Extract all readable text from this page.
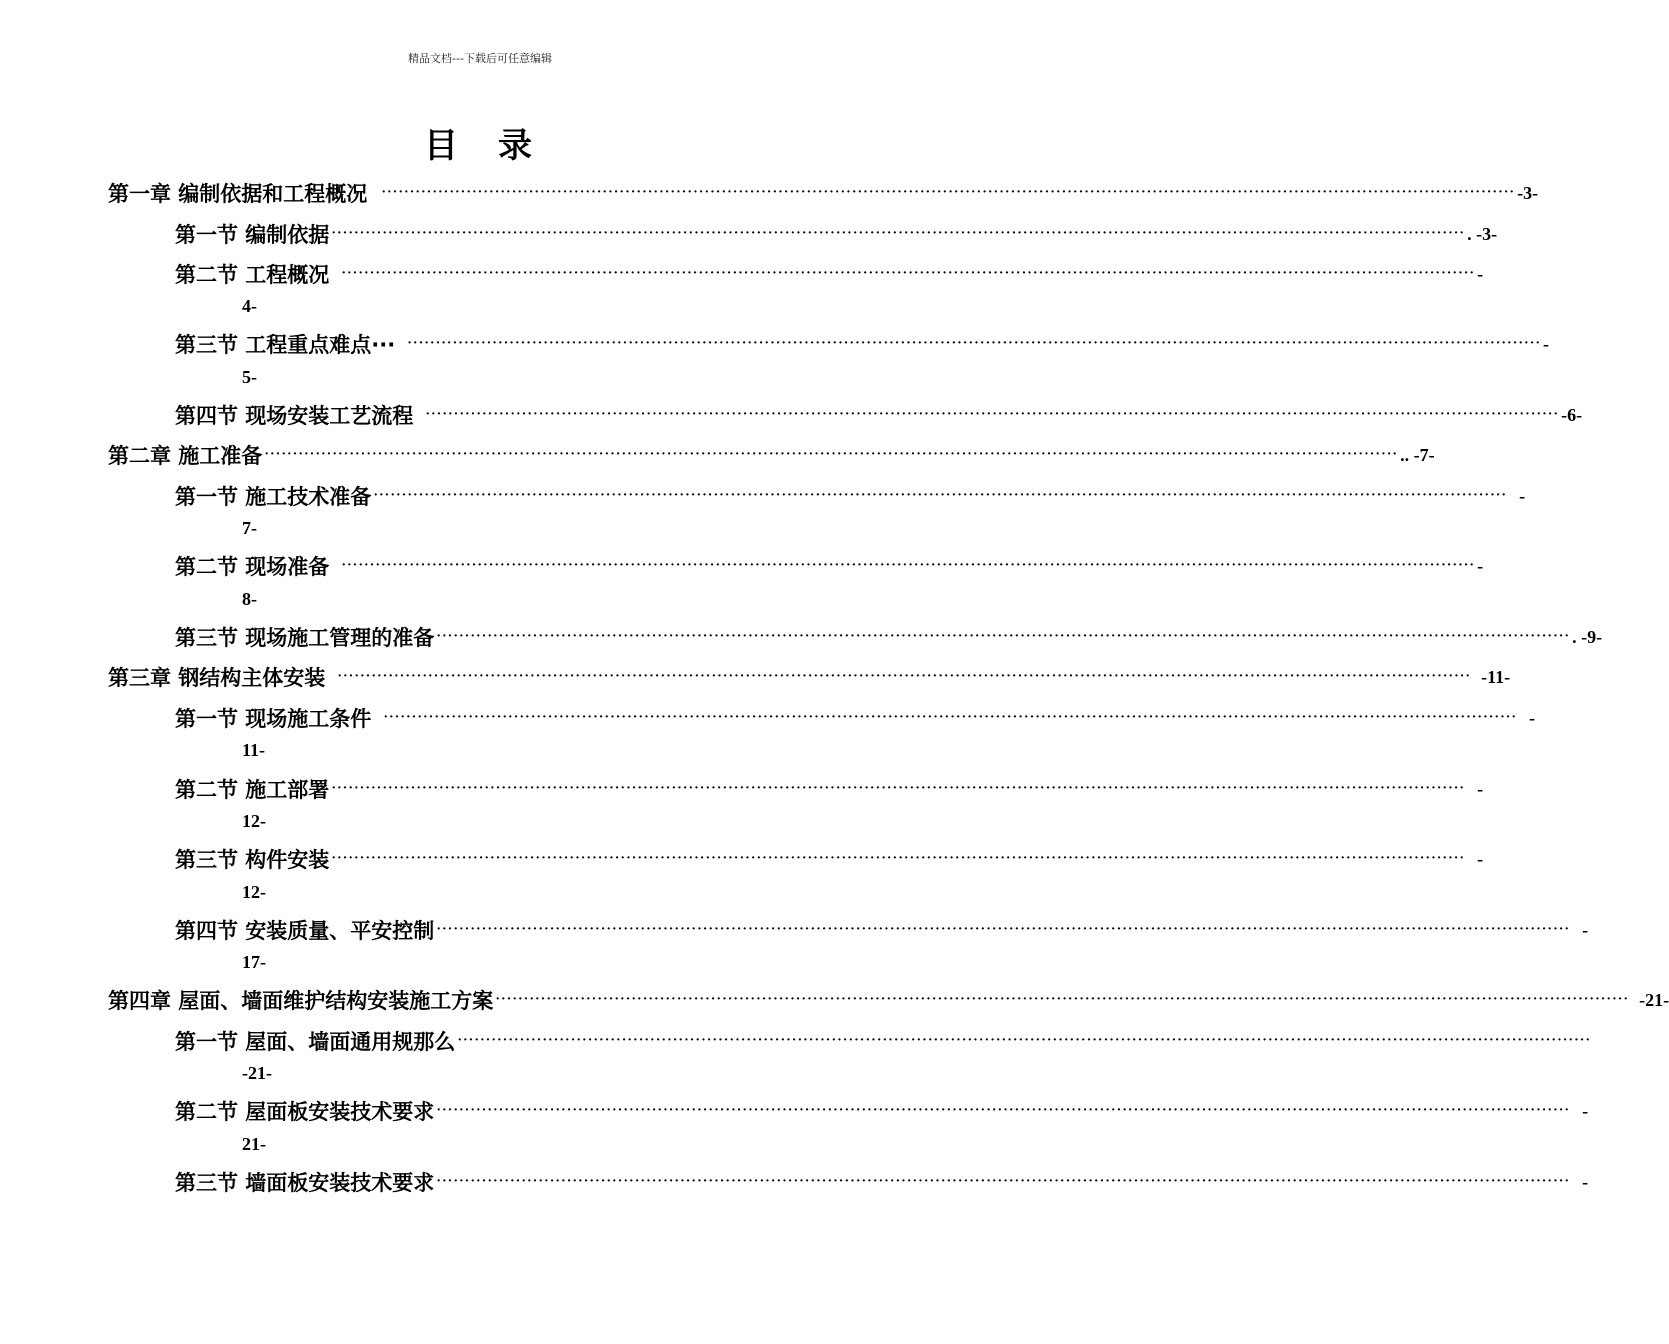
精品文档---下载后可任意编辑
目 录
第一章 编制依据和工程概况 ········································································································································································································ -3-
第一节 编制依据 ········································································································································································································ . -3-
第二节 工程概况 ········································································································································································································ -
4-
第三节 工程重点难点··· ········································································································································································································ -
5-
第四节 现场安装工艺流程 ········································································································································································································ -6-
第二章 施工准备 ········································································································································································································ .. -7-
第一节 施工技术准备 ········································································································································································································ -
7-
第二节 现场准备 ········································································································································································································ -
8-
第三节 现场施工管理的准备 ········································································································································································································ . -9-
第三章 钢结构主体安装 ········································································································································································································ -11-
第一节 现场施工条件 ········································································································································································································ -
11-
第二节 施工部署 ········································································································································································································ -
12-
第三节 构件安装 ········································································································································································································ -
12-
第四节 安装质量、平安控制 ········································································································································································································ -
17-
第四章 屋面、墙面维护结构安装施工方案 ········································································································································································································ -21-
第一节 屋面、墙面通用规那么 ········································································································································································································
-21-
第二节 屋面板安装技术要求 ········································································································································································································ -
21-
第三节 墙面板安装技术要求 ········································································································································································································ -
